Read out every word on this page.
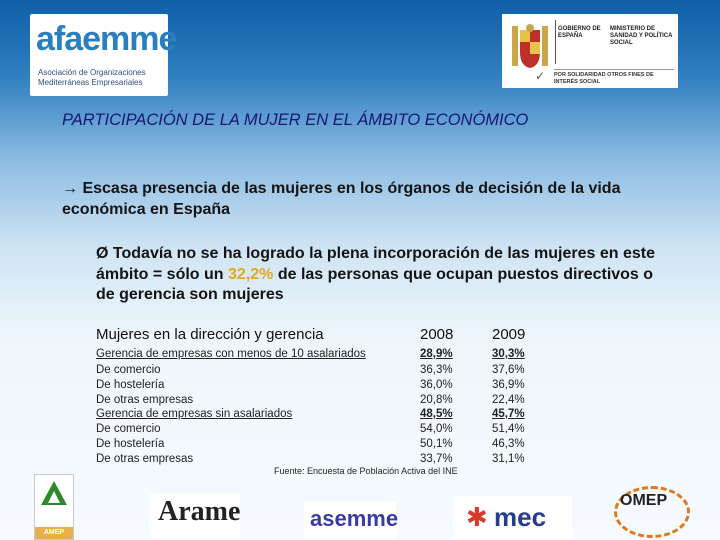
afaemme
Asociación de Organizaciones Mediterráneas Empresariales
GOBIERNO DE ESPAÑA
MINISTERIO DE SANIDAD Y POLÍTICA SOCIAL
✓ POR SOLIDARIDAD OTROS FINES DE INTERÉS SOCIAL
PARTICIPACIÓN DE LA MUJER EN EL ÁMBITO ECONÓMICO
→ Escasa presencia de las mujeres en los órganos de decisión de la vida económica en España
Ø Todavía no se ha logrado la plena incorporación de las mujeres en este ámbito = sólo un 32,2% de las personas que ocupan puestos directivos o de gerencia son mujeres
Mujeres en la dirección y gerencia	2008	2009
Gerencia de empresas con menos de 10 asalariados	28,9%	30,3%
De comercio	36,3%	37,6%
De hostelería	36,0%	36,9%
De otras empresas	20,8%	22,4%
Gerencia de empresas sin asalariados	48,5%	45,7%
De comercio	54,0%	51,4%
De hostelería	50,1%	46,3%
De otras empresas	33,7%	31,1%
Fuente: Encuesta de Población Activa del INE
AMEP
Arame	asemme	✱ mec
OMEP
